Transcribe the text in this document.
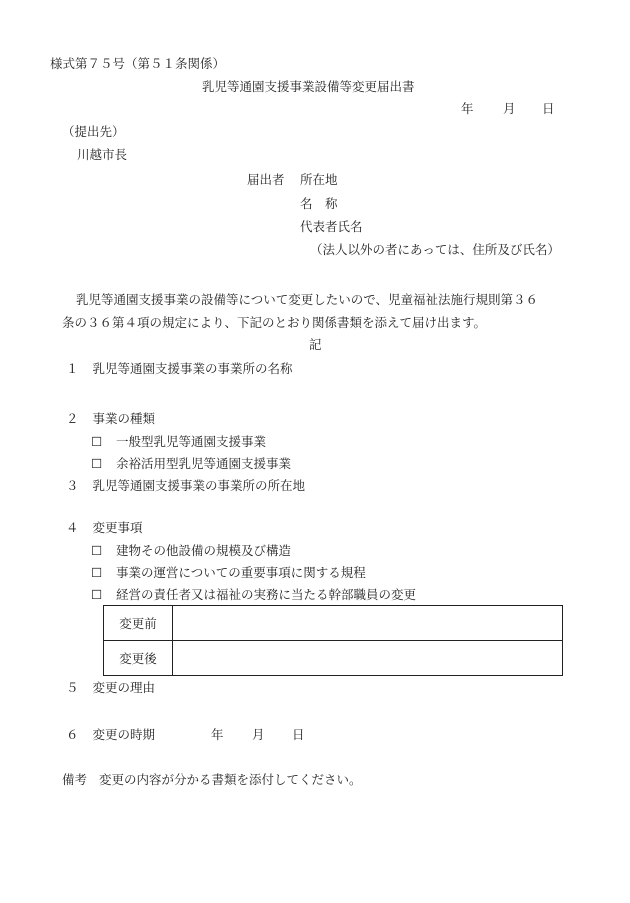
様式第７５号（第５１条関係）
乳児等通園支援事業設備等変更届出書
年 月 日
（提出先）
川越市長
届出者 所在地
名　称
代表者氏名
（法人以外の者にあっては、住所及び氏名）
乳児等通園支援事業の設備等について変更したいので、児童福祉法施行規則第３６
条の３６第４項の規定により、下記のとおり関係書類を添えて届け出ます。
記
１ 乳児等通園支援事業の事業所の名称
２ 事業の種類
☐ 一般型乳児等通園支援事業
☐ 余裕活用型乳児等通園支援事業
３ 乳児等通園支援事業の事業所の所在地
４ 変更事項
☐ 建物その他設備の規模及び構造
☐ 事業の運営についての重要事項に関する規程
☐ 経営の責任者又は福祉の実務に当たる幹部職員の変更
変更前	
変更後	
５ 変更の理由
６ 変更の時期	年 月 日
備考 変更の内容が分かる書類を添付してください。
